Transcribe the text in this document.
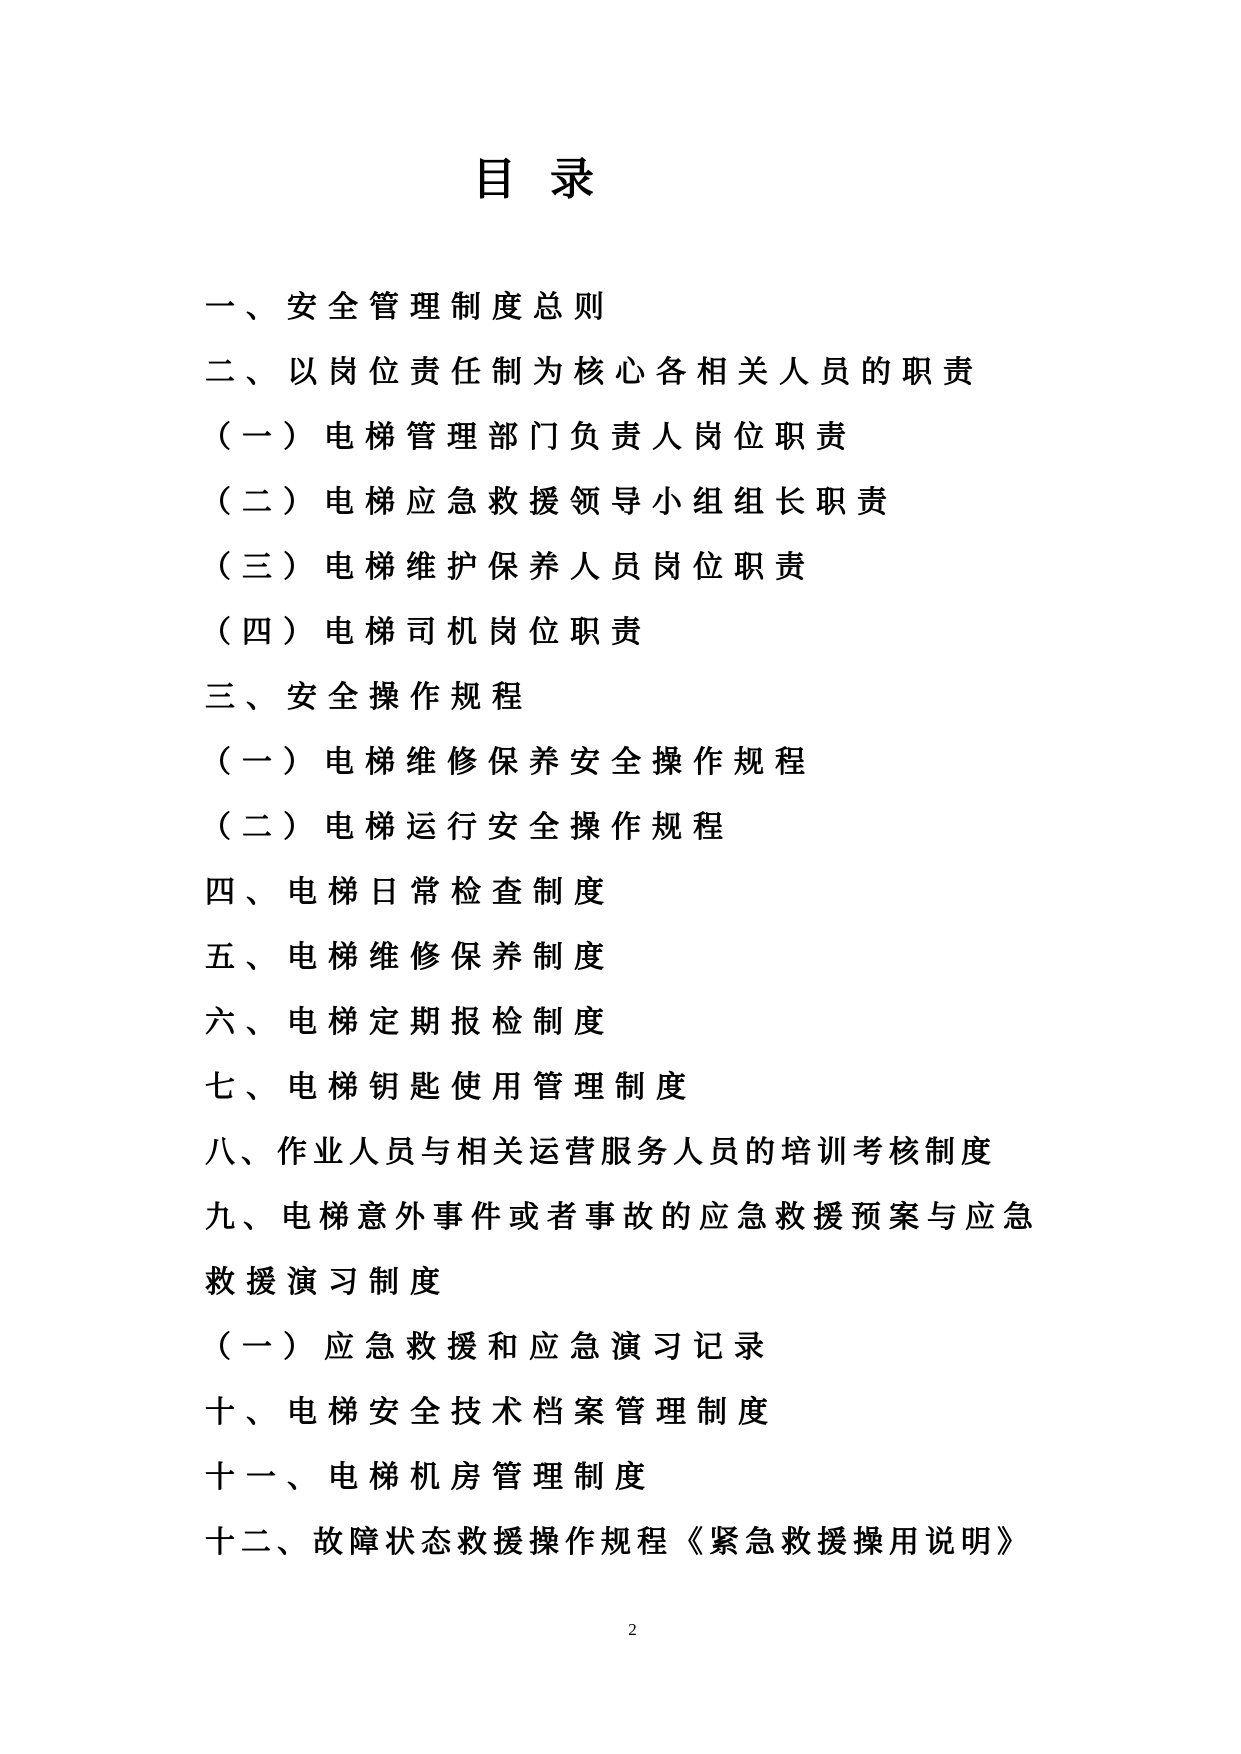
目录
一、安全管理制度总则
二、以岗位责任制为核心各相关人员的职责
（一）电梯管理部门负责人岗位职责
（二）电梯应急救援领导小组组长职责
（三）电梯维护保养人员岗位职责
（四）电梯司机岗位职责
三、安全操作规程
（一）电梯维修保养安全操作规程
（二）电梯运行安全操作规程
四、电梯日常检查制度
五、电梯维修保养制度
六、电梯定期报检制度
七、电梯钥匙使用管理制度
八、作业人员与相关运营服务人员的培训考核制度
九、电梯意外事件或者事故的应急救援预案与应急
救援演习制度
（一）应急救援和应急演习记录
十、电梯安全技术档案管理制度
十一、电梯机房管理制度
十二、故障状态救援操作规程《紧急救援操用说明》
2
